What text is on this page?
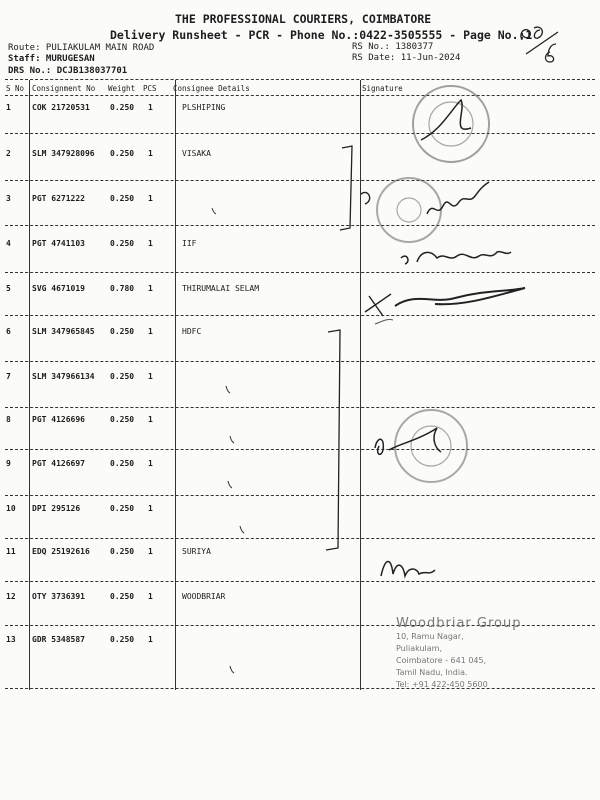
THE PROFESSIONAL COURIERS, COIMBATORE
Delivery Runsheet - PCR - Phone No.:0422-3505555 - Page No.:1
Route: PULIAKULAM MAIN ROAD
Staff: MURUGESAN
DRS No.: DCJB138037701
RS No.: 1380377
RS Date: 11-Jun-2024
S No Consignment No Weight PCS Consignee Details	Signature
1	COK 21720531	0.250 1	PLSHIPING
2	SLM 347928096 0.250 1	VISAKA
3	PGT 6271222	0.250 1
4	PGT 4741103	0.250 1	IIF
5	SVG 4671019	0.780 1	THIRUMALAI SELAM
6	SLM 347965845 0.250 1	HDFC
7	SLM 347966134 0.250 1
8	PGT 4126696	0.250 1
9	PGT 4126697	0.250 1
10 DPI 295126	0.250 1
11 EDQ 25192616	0.250 1	SURIYA
12 OTY 3736391	0.250 1	WOODBRIAR
13 GDR 5348587	0.250 1
Woodbriar Group
10, Ramu Nagar,
Puliakulam,
Coimbatore - 641 045,
Tamil Nadu, India.
Tel: +91 422-450 5600
